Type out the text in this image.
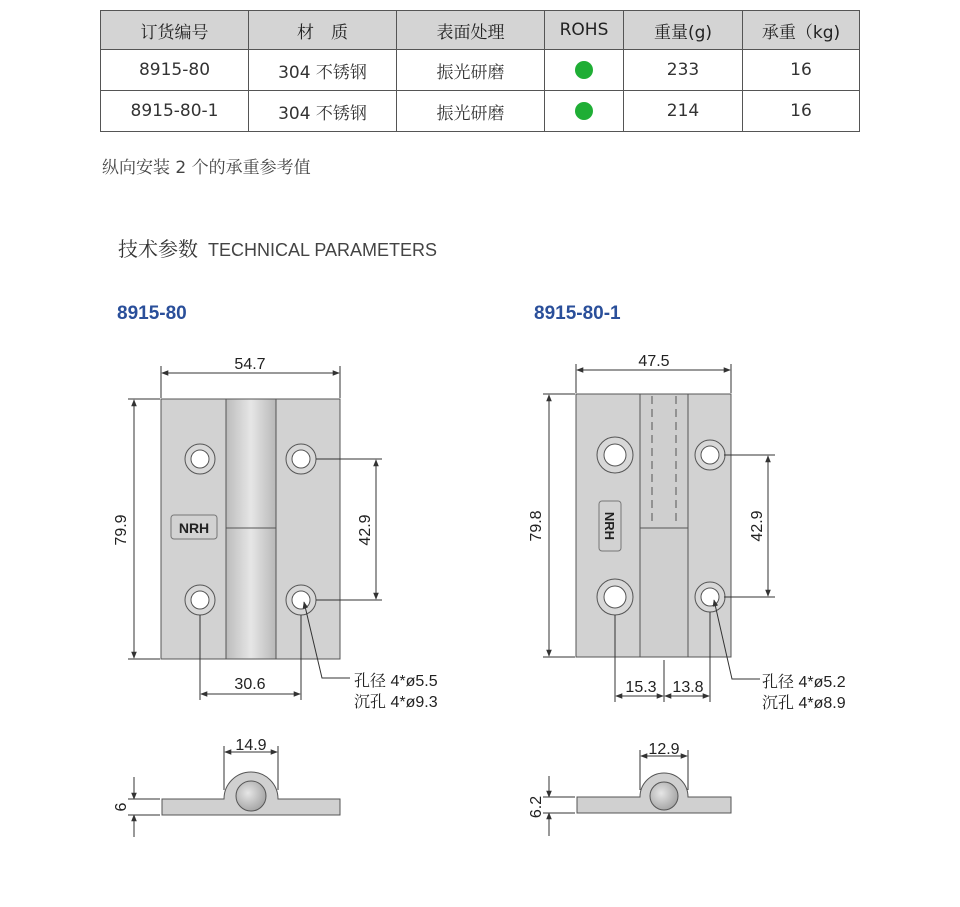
订货编号	材　质	表面处理	ROHS	重量(g)	承重（kg)
8915-80	304 不锈钢	振光研磨		233	16
8915-80-1	304 不锈钢	振光研磨		214	16
纵向安装 2 个的承重参考值
技术参数 TECHNICAL PARAMETERS
8915-80	8915-80-1
NRH
54.7
79.9	42.9
30.6	孔径 4*ø5.5
沉孔 4*ø9.3
14.9
6
NRH
47.5
79.8	42.9
15.3 13.8	孔径 4*ø5.2
沉孔 4*ø8.9
12.9
6.2
